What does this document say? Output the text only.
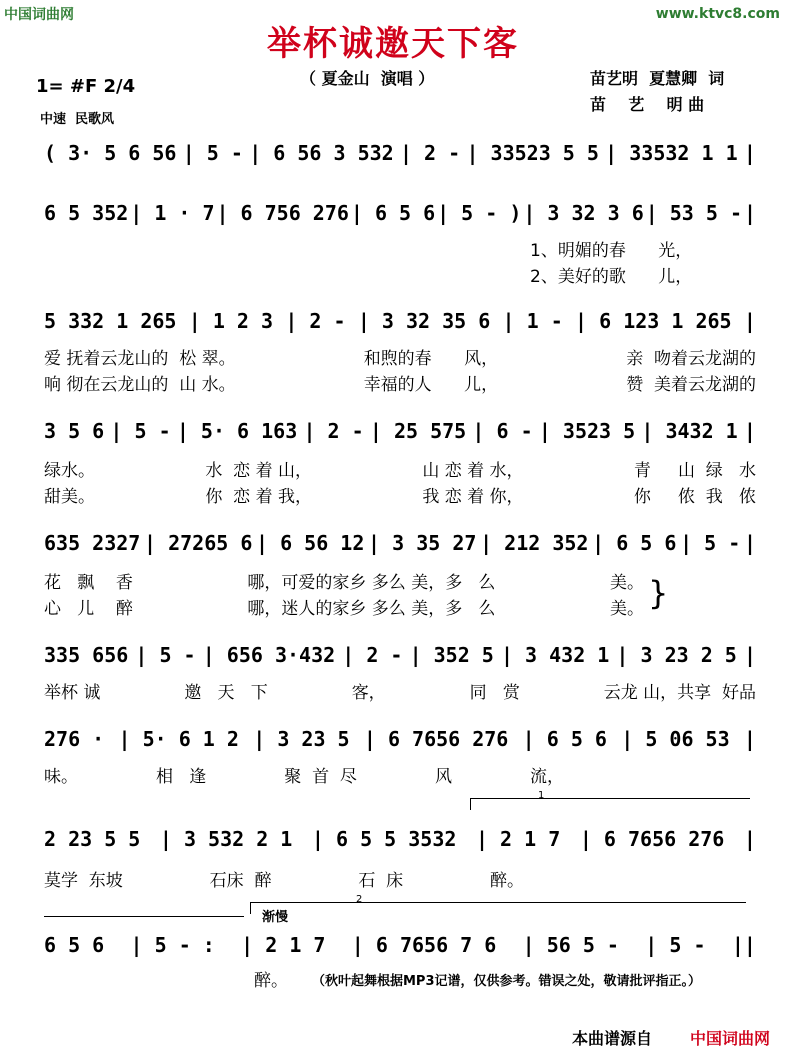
中国词曲网	www.ktvc8.com
举杯诚邀天下客
（ 夏金山  演唱 ）	苗艺明  夏慧卿  词
苗    艺    明 曲
1= #F 2/4
中速  民歌风
( 3· 5 6 56 | 5 - | 6 56 3 532 | 2 - | 33523 5 5 | 33532 1 1 |
6 5 352 | 1 · 7 | 6 756 276 | 6 5 6 | 5 - ) | 3 32 3 6 | 53 5 - |
1、明媚的春      光，
2、美好的歌      儿，
5 332 1 265 | 1 2 3 | 2 - | 3 32 35 6 | 1 - | 6 123 1 265 |
爱 抚着云龙山的  松 翠。	和煦的春      风，	亲  吻着云龙湖的
响 彻在云龙山的  山 水。	幸福的人      儿，	赞  美着云龙湖的
3 5 6 | 5 - | 5· 6 163 | 2 - | 25 575 | 6 - | 3523 5 | 3432 1 |
绿水。	水  恋 着 山，	山 恋 着 水，	青     山  绿   水
甜美。	你  恋 着 我，	我 恋 着 你，	你     侬  我   侬
635 2327 | 27265 6 | 6 56 12 | 3 35 27 | 212 352 | 6 5 6 | 5 - |
花   飘    香	哪，可爱的家乡 多么 美，多   么	美。
心   儿    醉	哪，迷人的家乡 多么 美，多   么	美。 }
335 656 | 5 - | 656 3·432 | 2 - | 352 5 | 3 432 1 | 3 23 2 5 |
举杯 诚	邀   天   下	客，	同   赏	云龙 山，共享  好品
276 · | 5· 6 1 2 | 3 23 5 | 6 7656 276 | 6 5 6 | 5 06 53 |
味。	相   逢	聚  首  尽	风	流，
1
2 23 5 5 | 3 532 2 1 | 6 5 5 3532 | 2 1 7 | 6 7656 276 |
莫学  东坡	石床  醉	石  床	醉。
2
渐慢
6 5 6 | 5 - : | 2 1 7 | 6 7656 7 6 | 56 5 - | 5 - ||
醉。 （秋叶起舞根据MP3记谱，仅供参考。错误之处，敬请批评指正。）
本曲谱源自 中国词曲网
